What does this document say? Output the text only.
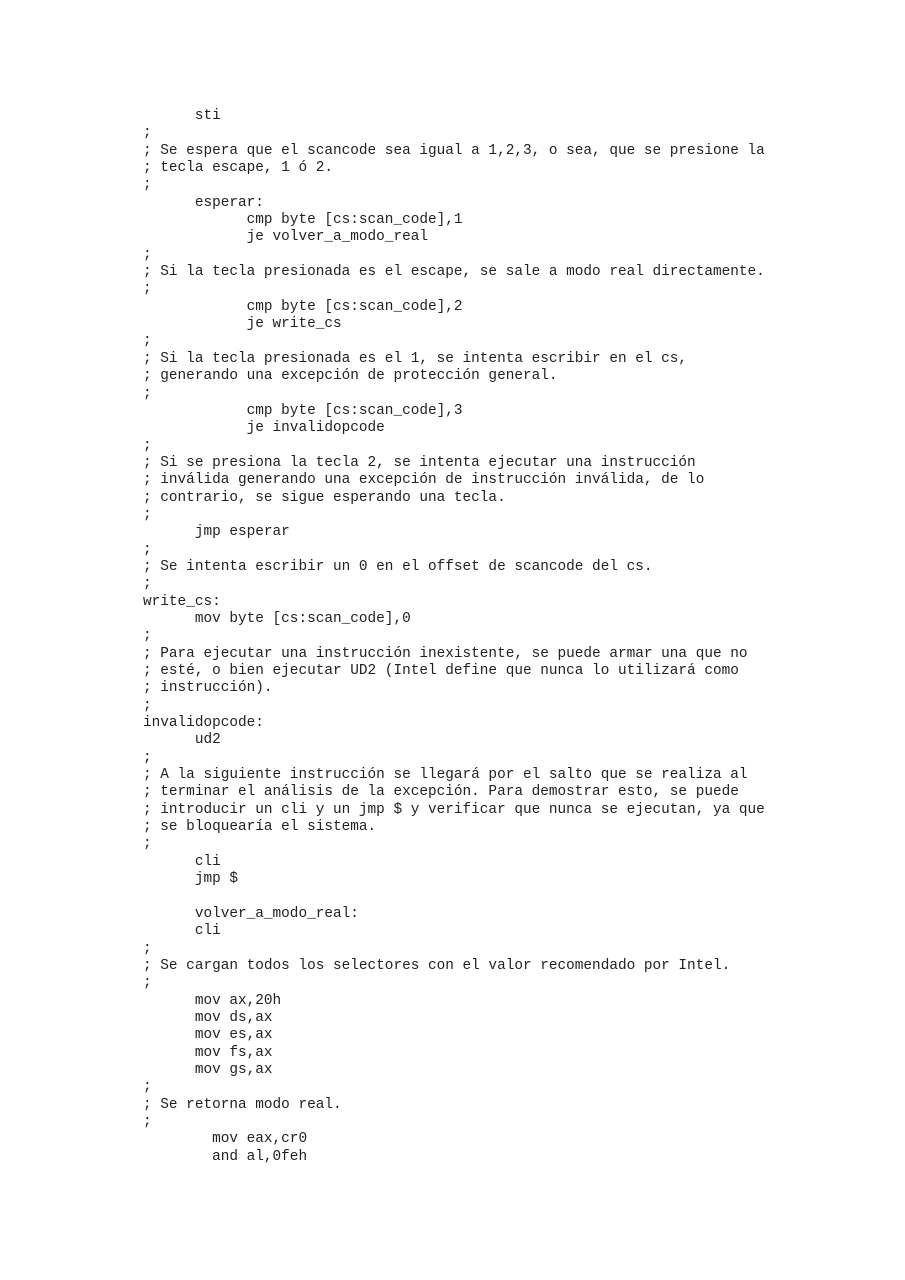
sti
;
; Se espera que el scancode sea igual a 1,2,3, o sea, que se presione la
; tecla escape, 1 ó 2.
;
esperar:
cmp byte [cs:scan_code],1
je volver_a_modo_real
;
; Si la tecla presionada es el escape, se sale a modo real directamente.
;
cmp byte [cs:scan_code],2
je write_cs
;
; Si la tecla presionada es el 1, se intenta escribir en el cs,
; generando una excepción de protección general.
;
cmp byte [cs:scan_code],3
je invalidopcode
;
; Si se presiona la tecla 2, se intenta ejecutar una instrucción
; inválida generando una excepción de instrucción inválida, de lo
; contrario, se sigue esperando una tecla.
;
jmp esperar
;
; Se intenta escribir un 0 en el offset de scancode del cs.
;
write_cs:
mov byte [cs:scan_code],0
;
; Para ejecutar una instrucción inexistente, se puede armar una que no
; esté, o bien ejecutar UD2 (Intel define que nunca lo utilizará como
; instrucción).
;
invalidopcode:
ud2
;
; A la siguiente instrucción se llegará por el salto que se realiza al
; terminar el análisis de la excepción. Para demostrar esto, se puede
; introducir un cli y un jmp $ y verificar que nunca se ejecutan, ya que
; se bloquearía el sistema.
;
cli
jmp $
volver_a_modo_real:
cli
;
; Se cargan todos los selectores con el valor recomendado por Intel.
;
mov ax,20h
mov ds,ax
mov es,ax
mov fs,ax
mov gs,ax
;
; Se retorna modo real.
;
mov eax,cr0
and al,0feh
